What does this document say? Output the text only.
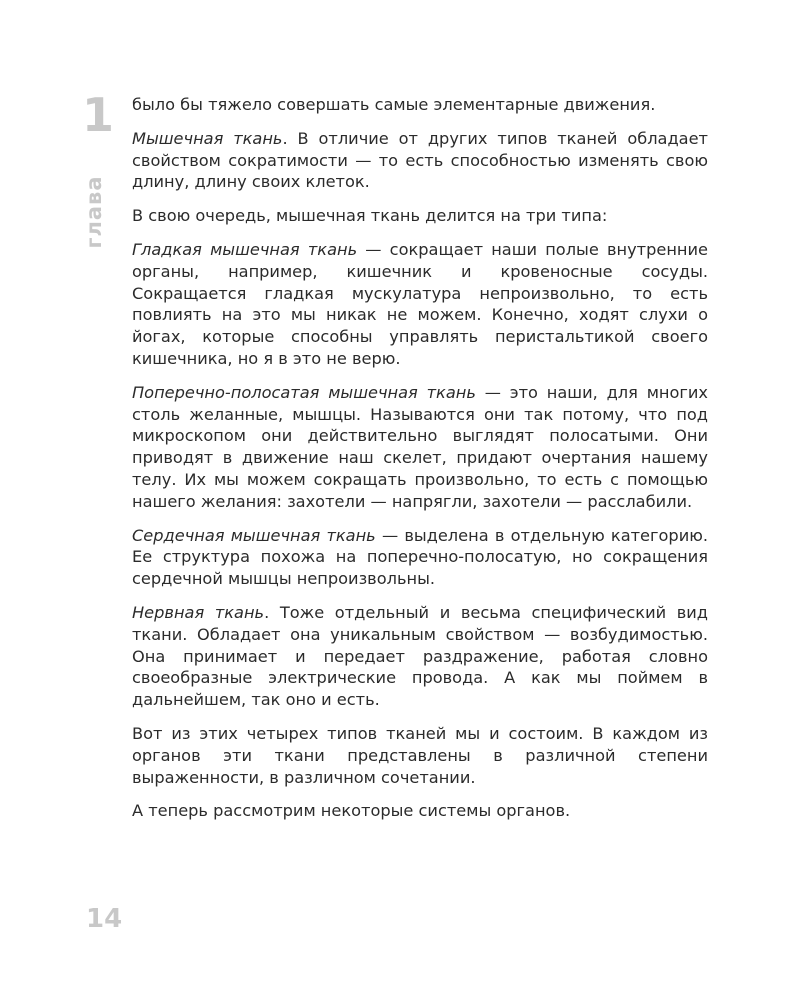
1
глава

было бы тяжело совершать самые элементарные движения.

Мышечная ткань. В отличие от других типов тканей обладает свойством сократимости — то есть способностью изменять свою длину, длину своих клеток.

В свою очередь, мышечная ткань делится на три типа:

Гладкая мышечная ткань — сокращает наши полые внутренние органы, например, кишечник и кровеносные сосуды. Сокращается гладкая мускулатура непроизвольно, то есть повлиять на это мы никак не можем. Конечно, ходят слухи о йогах, которые способны управлять перистальтикой своего кишечника, но я в это не верю.

Поперечно-полосатая мышечная ткань — это наши, для многих столь желанные, мышцы. Называются они так потому, что под микроскопом они действительно выглядят полосатыми. Они приводят в движение наш скелет, придают очертания нашему телу. Их мы можем сокращать произвольно, то есть с помощью нашего желания: захотели — напрягли, захотели — расслабили.

Сердечная мышечная ткань — выделена в отдельную категорию. Ее структура похожа на поперечно-полосатую, но сокращения сердечной мышцы непроизвольны.

Нервная ткань. Тоже отдельный и весьма специфический вид ткани. Обладает она уникальным свойством — возбудимостью. Она принимает и передает раздражение, работая словно своеобразные электрические провода. А как мы поймем в дальнейшем, так оно и есть.

Вот из этих четырех типов тканей мы и состоим. В каждом из органов эти ткани представлены в различной степени выраженности, в различном сочетании.

А теперь рассмотрим некоторые системы органов.

14
